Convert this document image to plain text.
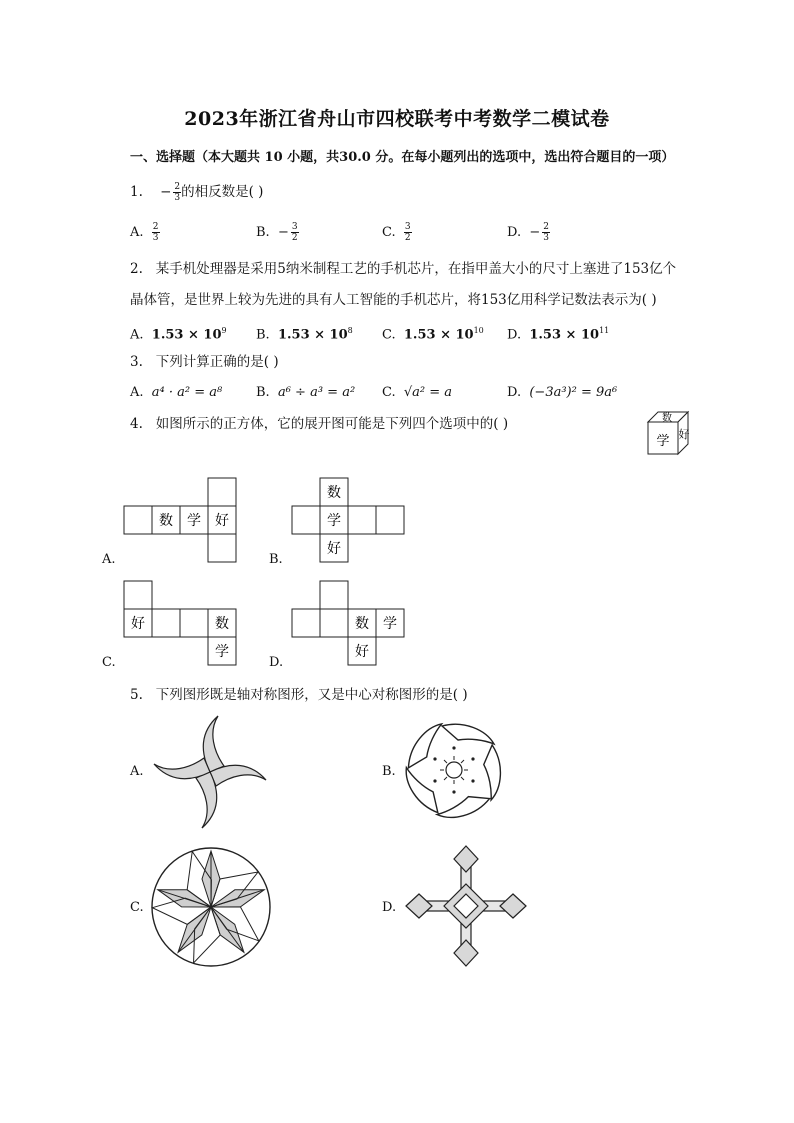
2023年浙江省舟山市四校联考中考数学二模试卷
一、选择题（本大题共 10 小题，共30.0 分。在每小题列出的选项中，选出符合题目的一项）
1. − $\frac{2}{3}$ 的相反数是( )
A. $\frac{2}{3}$	B. − $\frac{3}{2}$	C. $\frac{3}{2}$	D. − $\frac{2}{3}$
2. 某手机处理器是采用5纳米制程工艺的手机芯片，在指甲盖大小的尺寸上塞进了153亿个
晶体管，是世界上较为先进的具有人工智能的手机芯片，将153亿用科学记数法表示为( )
A. $1.53 \times 10^9$ B. $1.53 \times 10^8$ C. $1.53 \times 10^{10}$ D. $1.53 \times 10^{11}$
3. 下列计算正确的是( )
A. a⁴ · a² = a⁸	B. a⁶ ÷ a³ = a² C. √a² = a	D. (−3a³)² = 9a⁶
4. 如图所示的正方体，它的展开图可能是下列四个选项中的( )	数
学 好
数 学 好
A.
数
学
好
B.
好	数
学
C.
数 学
好
D.
5. 下列图形既是轴对称图形，又是中心对称图形的是( )
A.	B.
C.	D.
